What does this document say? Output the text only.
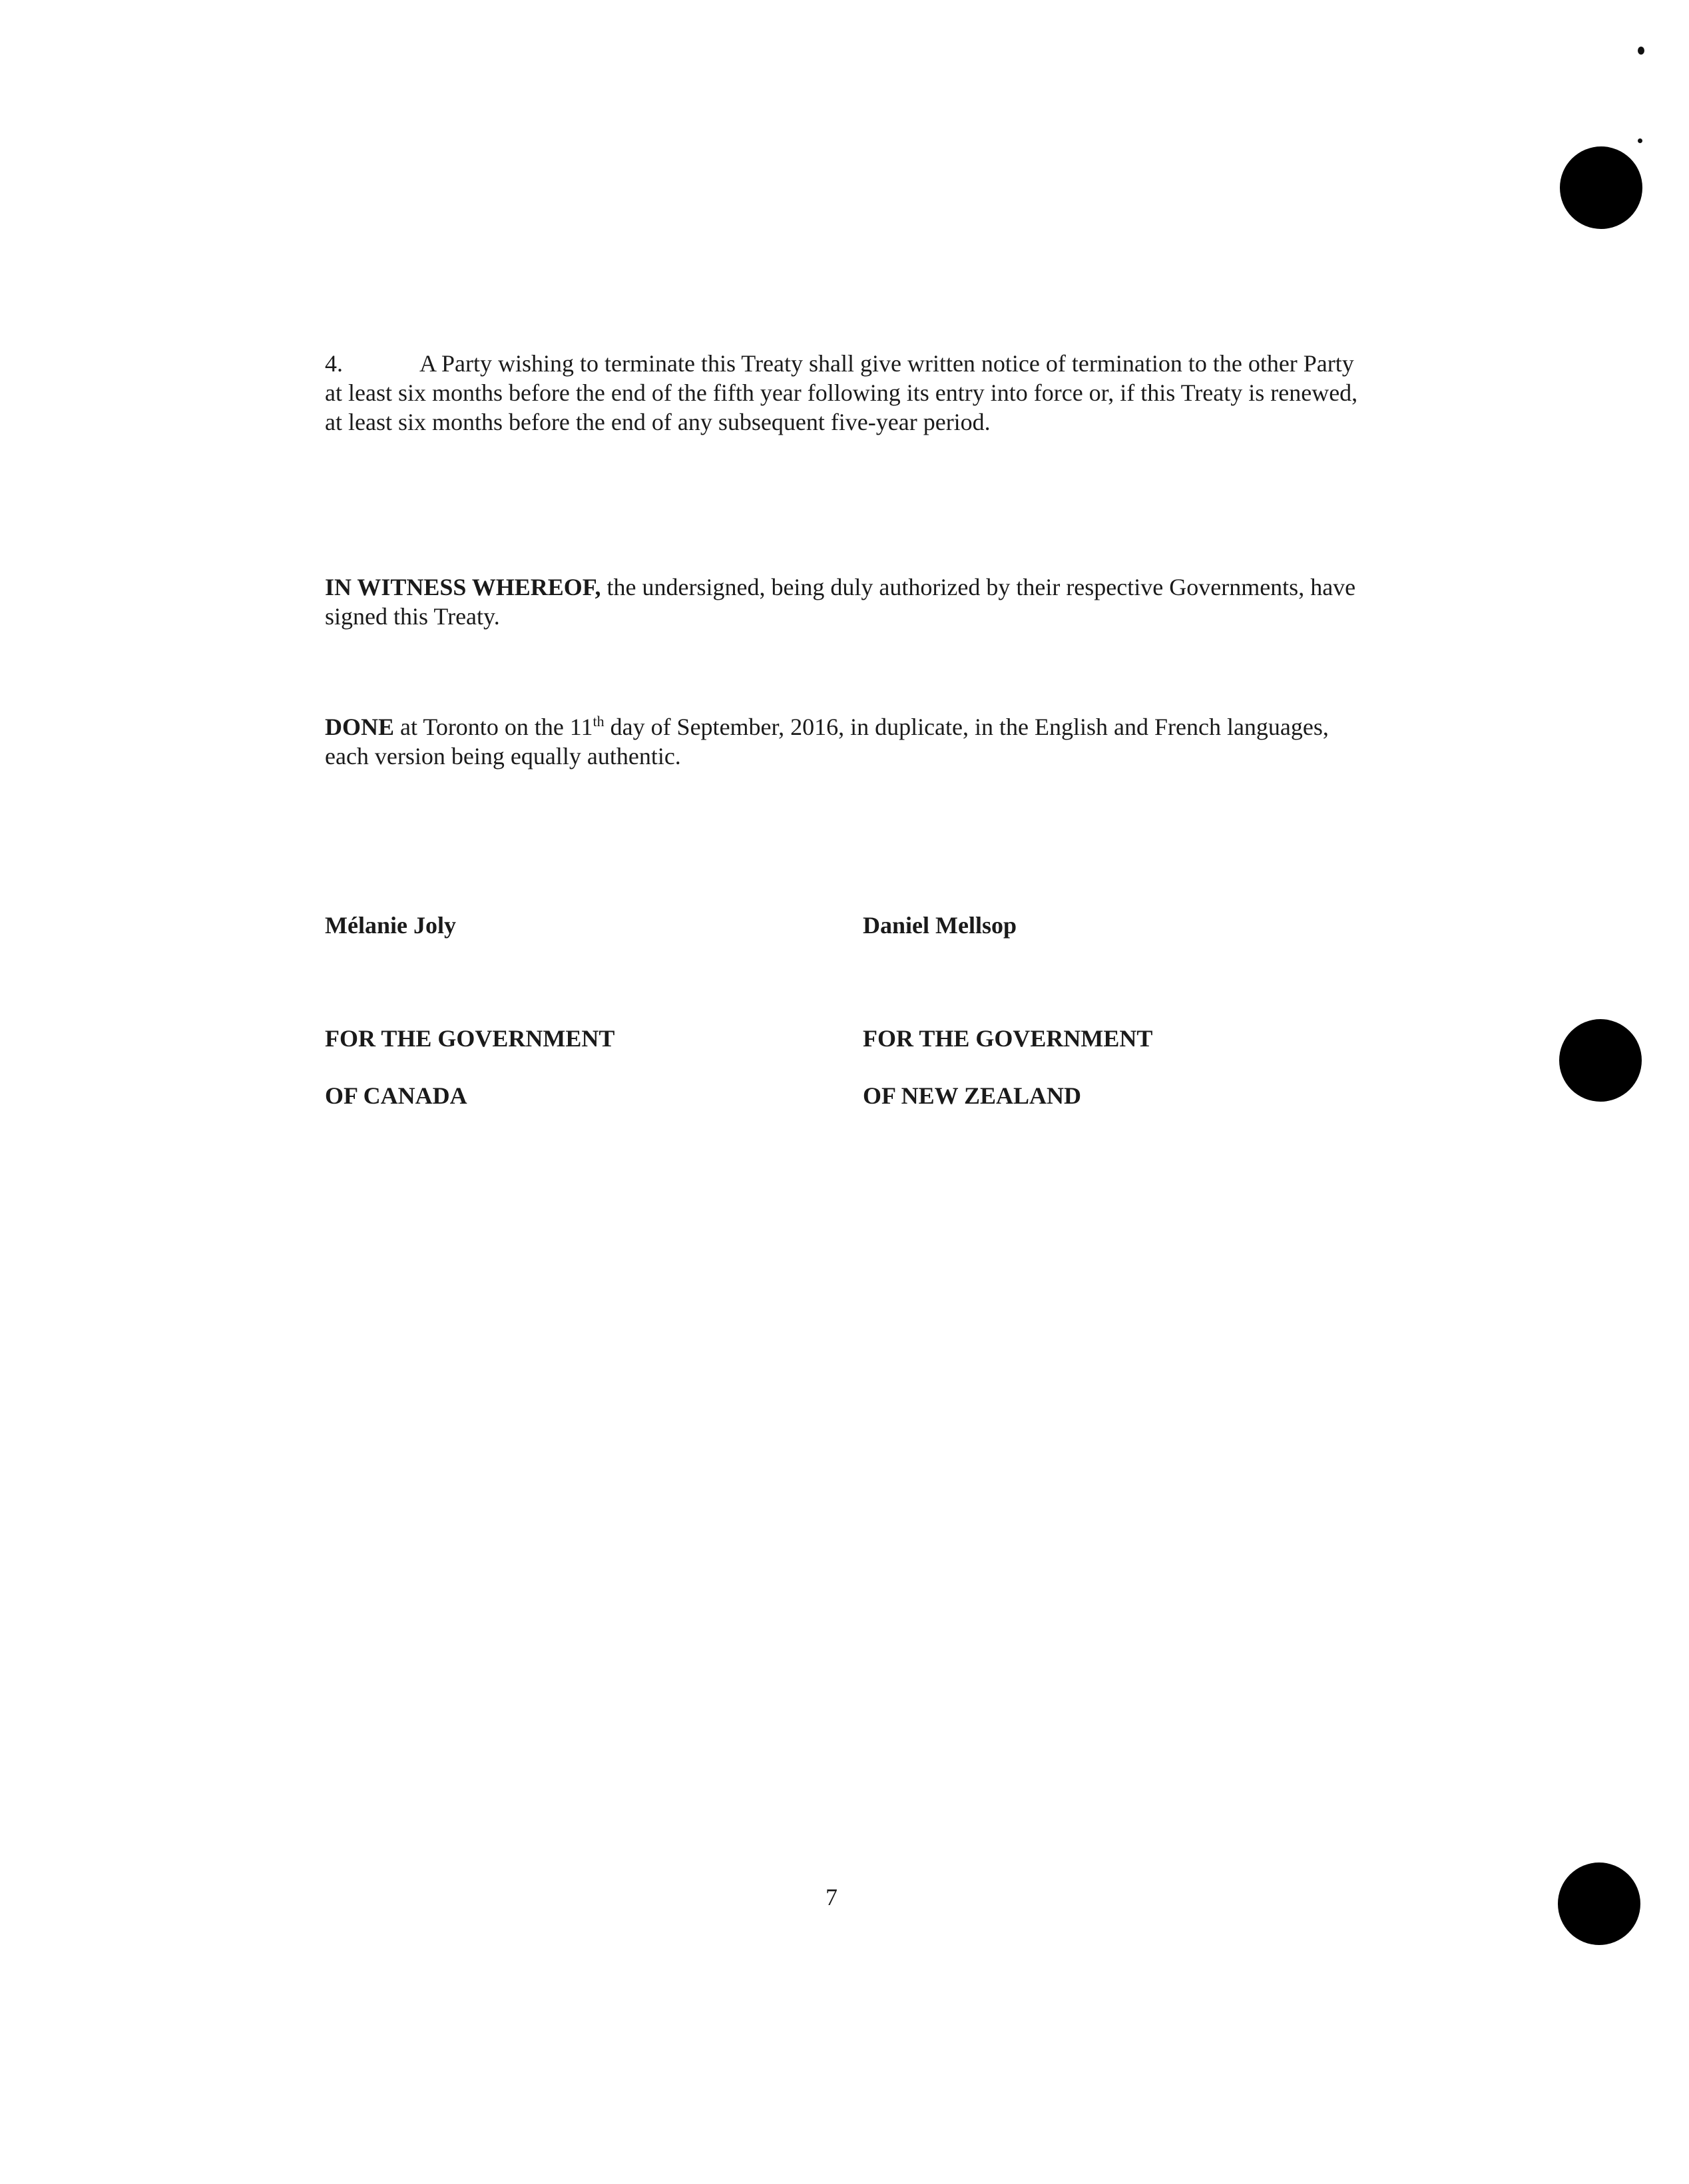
4.	A Party wishing to terminate this Treaty shall give written notice of termination to the other Party at least six months before the end of the fifth year following its entry into force or, if this Treaty is renewed, at least six months before the end of any subsequent five-year period.

IN WITNESS WHEREOF, the undersigned, being duly authorized by their respective Governments, have signed this Treaty.

DONE at Toronto on the 11th day of September, 2016, in duplicate, in the English and French languages, each version being equally authentic.

Mélanie Joly	Daniel Mellsop

FOR THE GOVERNMENT	FOR THE GOVERNMENT

OF CANADA	OF NEW ZEALAND

7
